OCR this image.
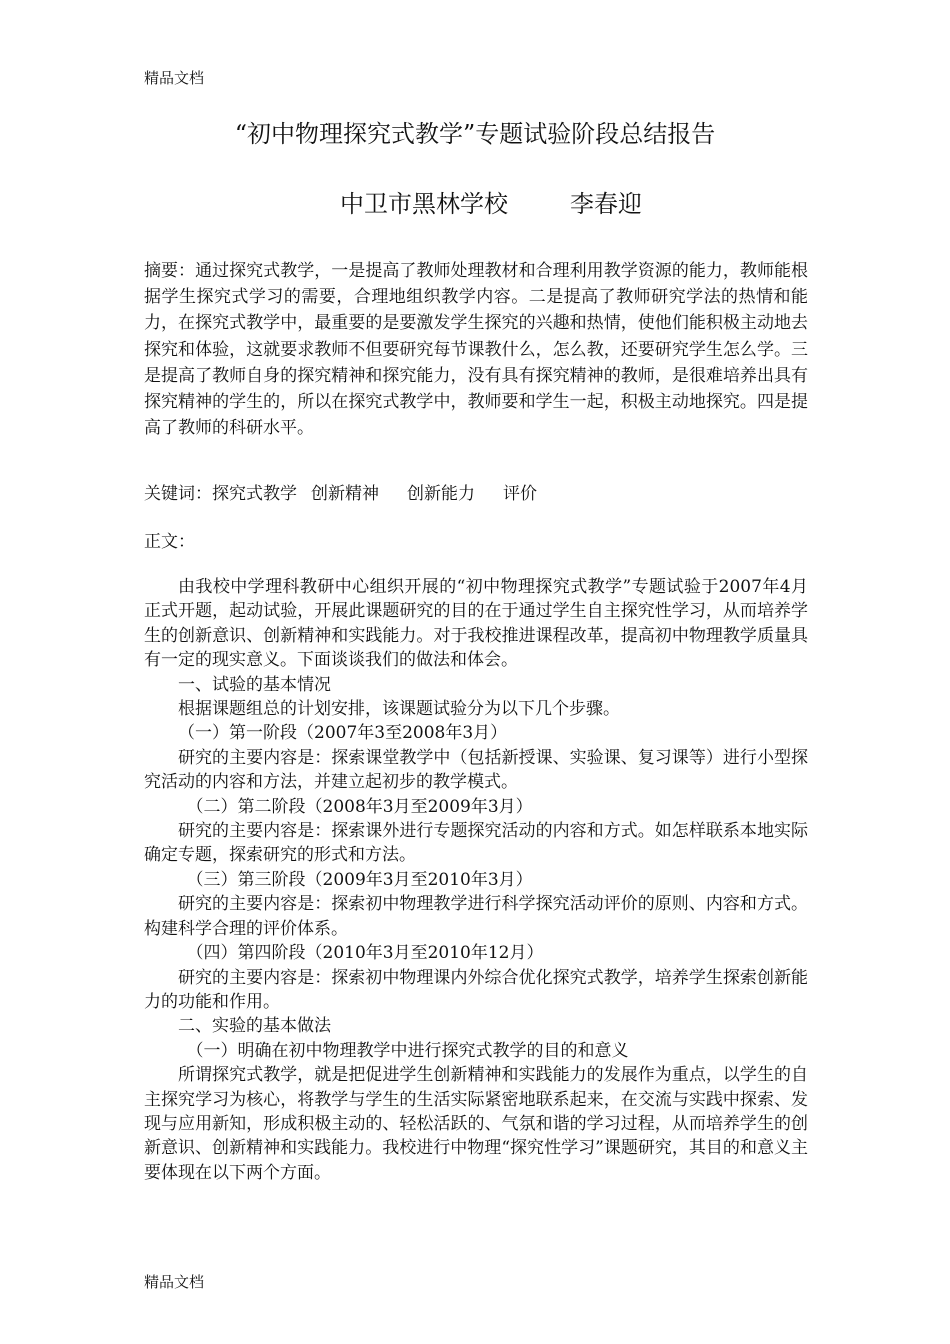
精品文档
“初中物理探究式教学”专题试验阶段总结报告
中卫市黑林学校	李春迎
摘要：通过探究式教学，一是提高了教师处理教材和合理利用教学资源的能力，教师能根据学生探究式学习的需要，合理地组织教学内容。二是提高了教师研究学法的热情和能力，在探究式教学中，最重要的是要激发学生探究的兴趣和热情，使他们能积极主动地去探究和体验，这就要求教师不但要研究每节课教什么，怎么教，还要研究学生怎么学。三是提高了教师自身的探究精神和探究能力，没有具有探究精神的教师，是很难培养出具有探究精神的学生的，所以在探究式教学中，教师要和学生一起，积极主动地探究。四是提高了教师的科研水平。
关键词：探究式教学 创新精神 创新能力 评价
正文：

由我校中学理科教研中心组织开展的“初中物理探究式教学”专题试验于2007年4月正式开题，起动试验，开展此课题研究的目的在于通过学生自主探究性学习，从而培养学生的创新意识、创新精神和实践能力。对于我校推进课程改革，提高初中物理教学质量具有一定的现实意义。下面谈谈我们的做法和体会。

一、试验的基本情况

根据课题组总的计划安排，该课题试验分为以下几个步骤。

（一）第一阶段（2007年3至2008年3月）

研究的主要内容是：探索课堂教学中（包括新授课、实验课、复习课等）进行小型探究活动的内容和方法，并建立起初步的教学模式。

（二）第二阶段（2008年3月至2009年3月）

研究的主要内容是：探索课外进行专题探究活动的内容和方式。如怎样联系本地实际确定专题，探索研究的形式和方法。

（三）第三阶段（2009年3月至2010年3月）

研究的主要内容是：探索初中物理教学进行科学探究活动评价的原则、内容和方式。构建科学合理的评价体系。

（四）第四阶段（2010年3月至2010年12月）

研究的主要内容是：探索初中物理课内外综合优化探究式教学，培养学生探索创新能力的功能和作用。

二、实验的基本做法

（一）明确在初中物理教学中进行探究式教学的目的和意义

所谓探究式教学，就是把促进学生创新精神和实践能力的发展作为重点，以学生的自主探究学习为核心，将教学与学生的生活实际紧密地联系起来，在交流与实践中探索、发现与应用新知，形成积极主动的、轻松活跃的、气氛和谐的学习过程，从而培养学生的创新意识、创新精神和实践能力。我校进行中物理“探究性学习”课题研究，其目的和意义主要体现在以下两个方面。

精品文档
